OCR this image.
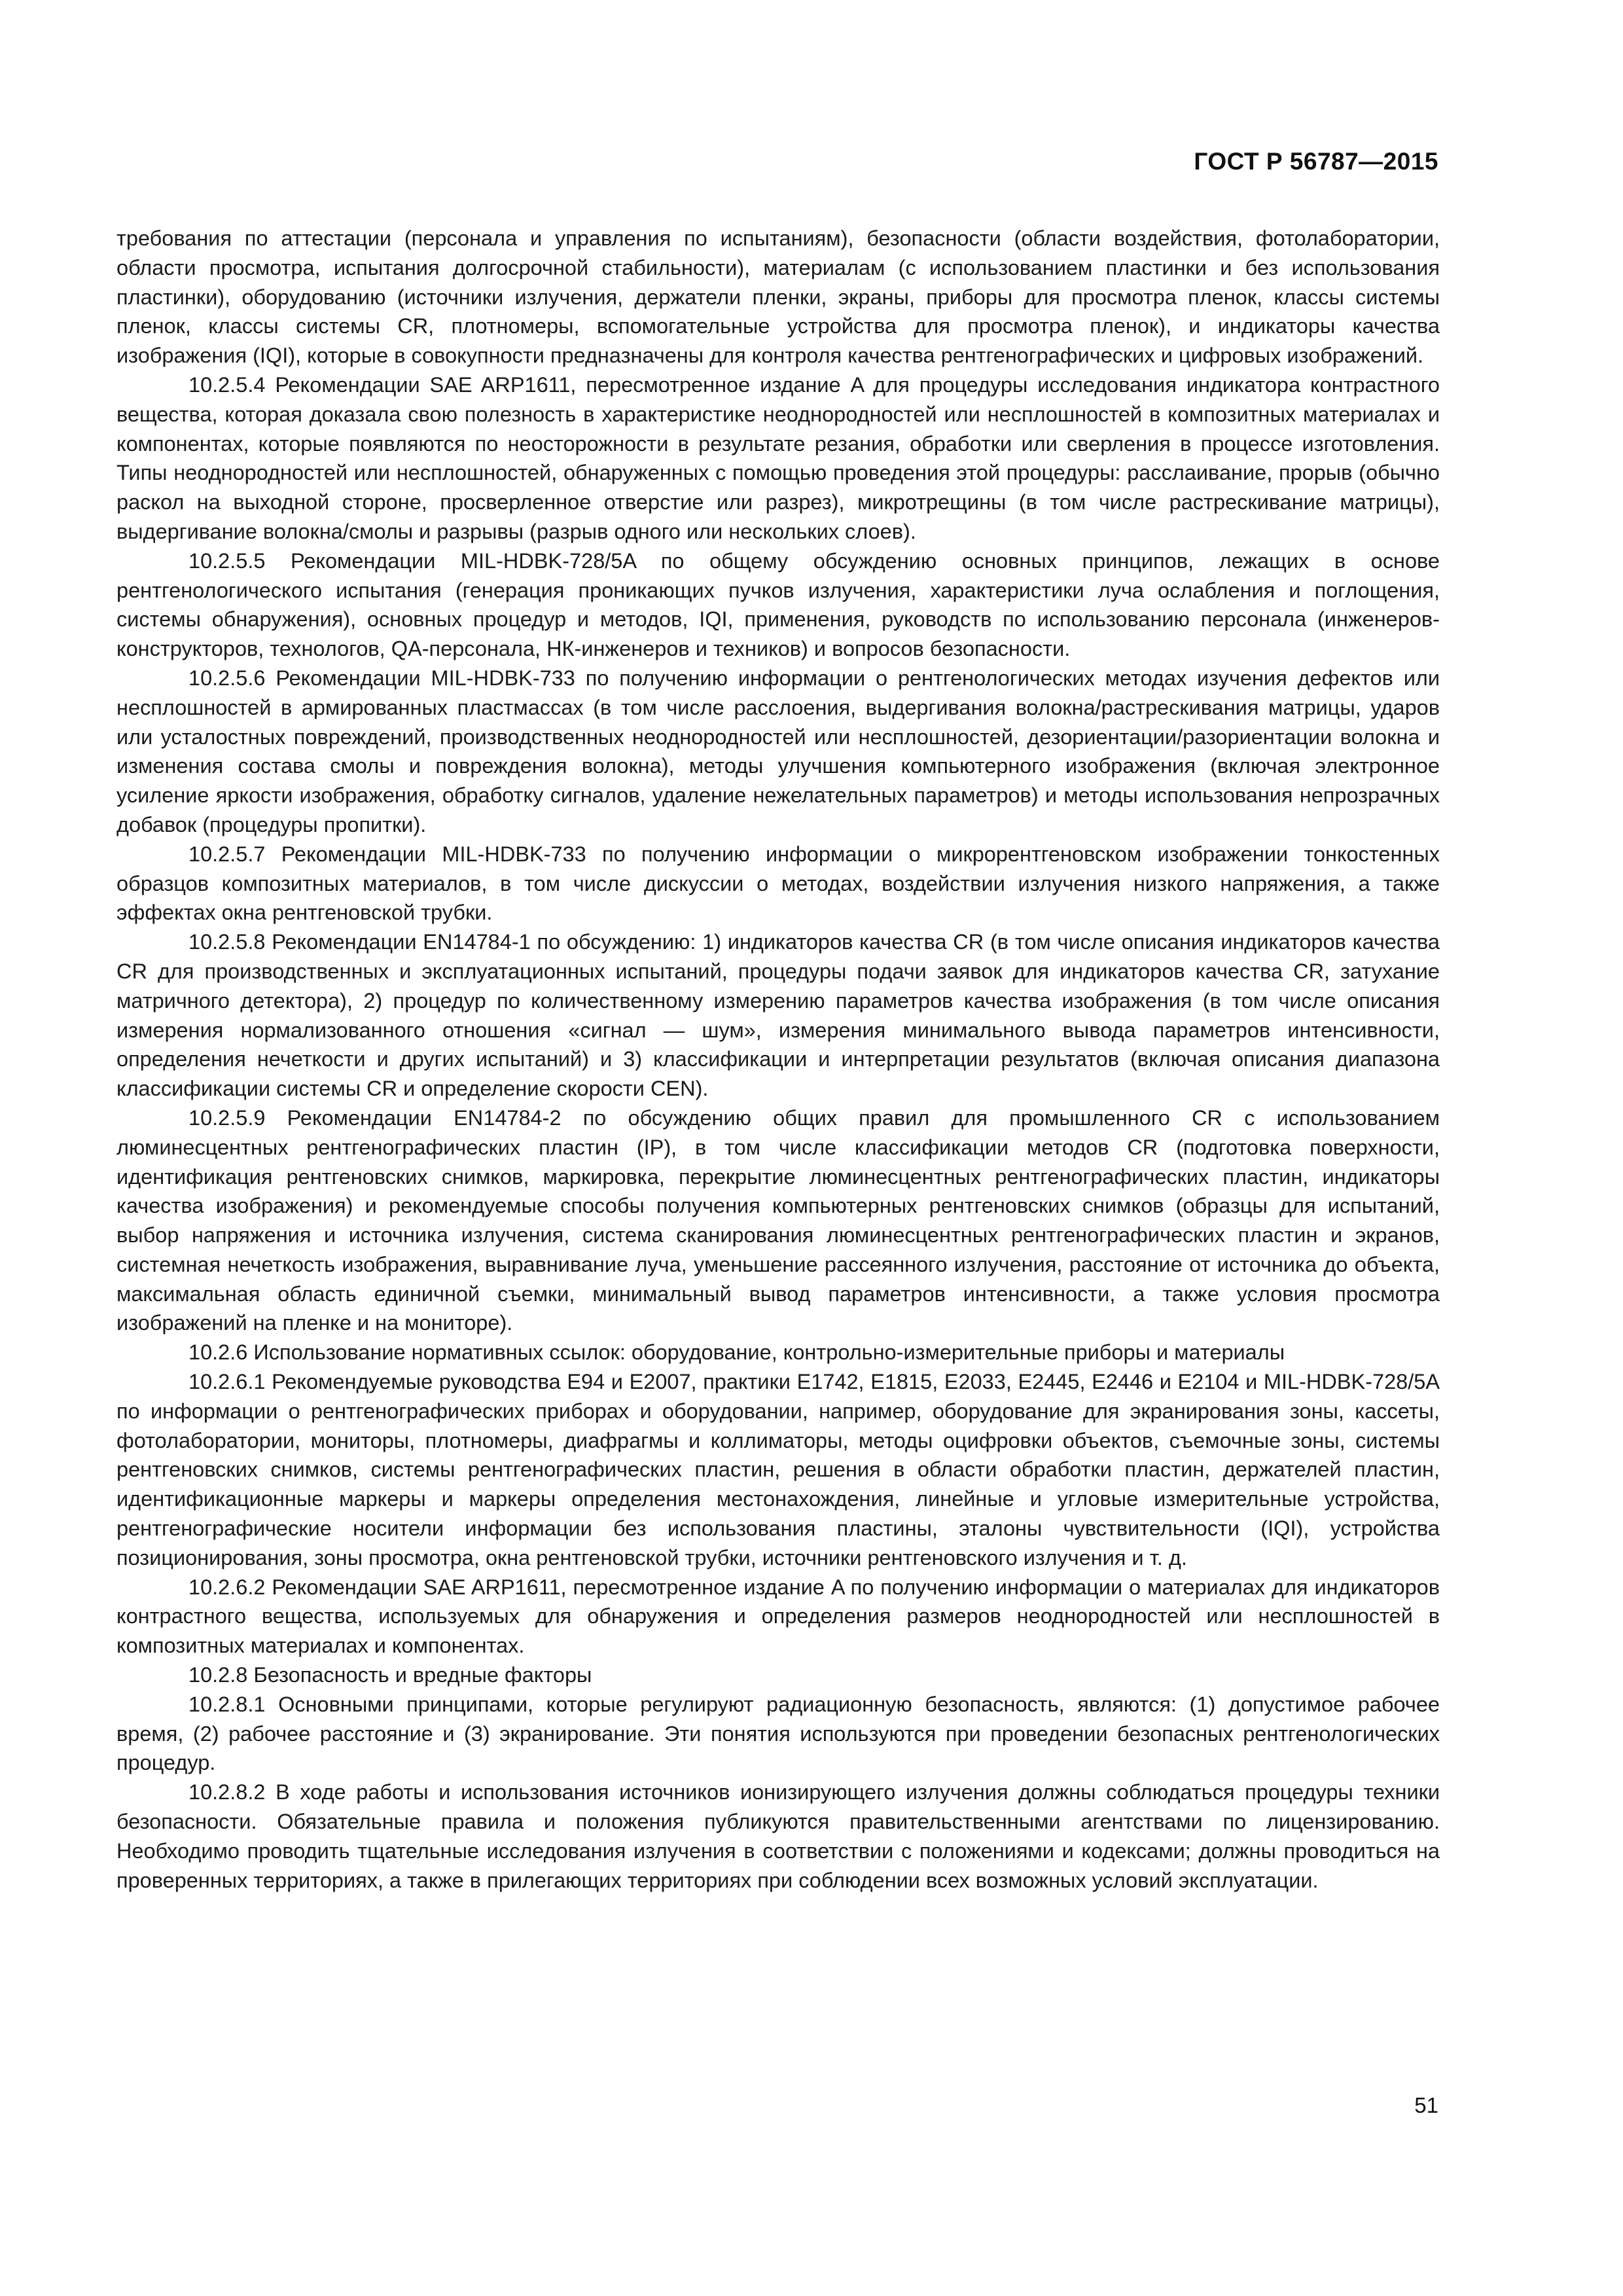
ГОСТ Р 56787—2015

требования по аттестации (персонала и управления по испытаниям), безопасности (области воздействия, фотолаборатории, области просмотра, испытания долгосрочной стабильности), материалам (с использованием пластинки и без использования пластинки), оборудованию (источники излучения, держатели пленки, экраны, приборы для просмотра пленок, классы системы пленок, классы системы CR, плотномеры, вспомогательные устройства для просмотра пленок), и индикаторы качества изображения (IQI), которые в совокупности предназначены для контроля качества рентгенографических и цифровых изображений.

10.2.5.4 Рекомендации SAE ARP1611, пересмотренное издание A для процедуры исследования индикатора контрастного вещества, которая доказала свою полезность в характеристике неоднородностей или несплошностей в композитных материалах и компонентах, которые появляются по неосторожности в результате резания, обработки или сверления в процессе изготовления. Типы неоднородностей или несплошностей, обнаруженных с помощью проведения этой процедуры: расслаивание, прорыв (обычно раскол на выходной стороне, просверленное отверстие или разрез), микротрещины (в том числе растрескивание матрицы), выдергивание волокна/смолы и разрывы (разрыв одного или нескольких слоев).

10.2.5.5 Рекомендации MIL-HDBK-728/5A по общему обсуждению основных принципов, лежащих в основе рентгенологического испытания (генерация проникающих пучков излучения, характеристики луча ослабления и поглощения, системы обнаружения), основных процедур и методов, IQI, применения, руководств по использованию персонала (инженеров-конструкторов, технологов, QA-персонала, НК-инженеров и техников) и вопросов безопасности.

10.2.5.6 Рекомендации MIL-HDBK-733 по получению информации о рентгенологических методах изучения дефектов или несплошностей в армированных пластмассах (в том числе расслоения, выдергивания волокна/растрескивания матрицы, ударов или усталостных повреждений, производственных неоднородностей или несплошностей, дезориентации/разориентации волокна и изменения состава смолы и повреждения волокна), методы улучшения компьютерного изображения (включая электронное усиление яркости изображения, обработку сигналов, удаление нежелательных параметров) и методы использования непрозрачных добавок (процедуры пропитки).

10.2.5.7 Рекомендации MIL-HDBK-733 по получению информации о микрорентгеновском изображении тонкостенных образцов композитных материалов, в том числе дискуссии о методах, воздействии излучения низкого напряжения, а также эффектах окна рентгеновской трубки.

10.2.5.8 Рекомендации EN14784-1 по обсуждению: 1) индикаторов качества CR (в том числе описания индикаторов качества CR для производственных и эксплуатационных испытаний, процедуры подачи заявок для индикаторов качества CR, затухание матричного детектора), 2) процедур по количественному измерению параметров качества изображения (в том числе описания измерения нормализованного отношения «сигнал — шум», измерения минимального вывода параметров интенсивности, определения нечеткости и других испытаний) и 3) классификации и интерпретации результатов (включая описания диапазона классификации системы CR и определение скорости CEN).

10.2.5.9 Рекомендации EN14784-2 по обсуждению общих правил для промышленного CR с использованием люминесцентных рентгенографических пластин (IP), в том числе классификации методов CR (подготовка поверхности, идентификация рентгеновских снимков, маркировка, перекрытие люминесцентных рентгенографических пластин, индикаторы качества изображения) и рекомендуемые способы получения компьютерных рентгеновских снимков (образцы для испытаний, выбор напряжения и источника излучения, система сканирования люминесцентных рентгенографических пластин и экранов, системная нечеткость изображения, выравнивание луча, уменьшение рассеянного излучения, расстояние от источника до объекта, максимальная область единичной съемки, минимальный вывод параметров интенсивности, а также условия просмотра изображений на пленке и на мониторе).

10.2.6 Использование нормативных ссылок: оборудование, контрольно-измерительные приборы и материалы

10.2.6.1 Рекомендуемые руководства E94 и E2007, практики E1742, E1815, E2033, E2445, E2446 и E2104 и MIL-HDBK-728/5A по информации о рентгенографических приборах и оборудовании, например, оборудование для экранирования зоны, кассеты, фотолаборатории, мониторы, плотномеры, диафрагмы и коллиматоры, методы оцифровки объектов, съемочные зоны, системы рентгеновских снимков, системы рентгенографических пластин, решения в области обработки пластин, держателей пластин, идентификационные маркеры и маркеры определения местонахождения, линейные и угловые измерительные устройства, рентгенографические носители информации без использования пластины, эталоны чувствительности (IQI), устройства позиционирования, зоны просмотра, окна рентгеновской трубки, источники рентгеновского излучения и т. д.

10.2.6.2 Рекомендации SAE ARP1611, пересмотренное издание A по получению информации о материалах для индикаторов контрастного вещества, используемых для обнаружения и определения размеров неоднородностей или несплошностей в композитных материалах и компонентах.

10.2.8 Безопасность и вредные факторы

10.2.8.1 Основными принципами, которые регулируют радиационную безопасность, являются: (1) допустимое рабочее время, (2) рабочее расстояние и (3) экранирование. Эти понятия используются при проведении безопасных рентгенологических процедур.

10.2.8.2 В ходе работы и использования источников ионизирующего излучения должны соблюдаться процедуры техники безопасности. Обязательные правила и положения публикуются правительственными агентствами по лицензированию. Необходимо проводить тщательные исследования излучения в соответствии с положениями и кодексами; должны проводиться на проверенных территориях, а также в прилегающих территориях при соблюдении всех возможных условий эксплуатации.

51
